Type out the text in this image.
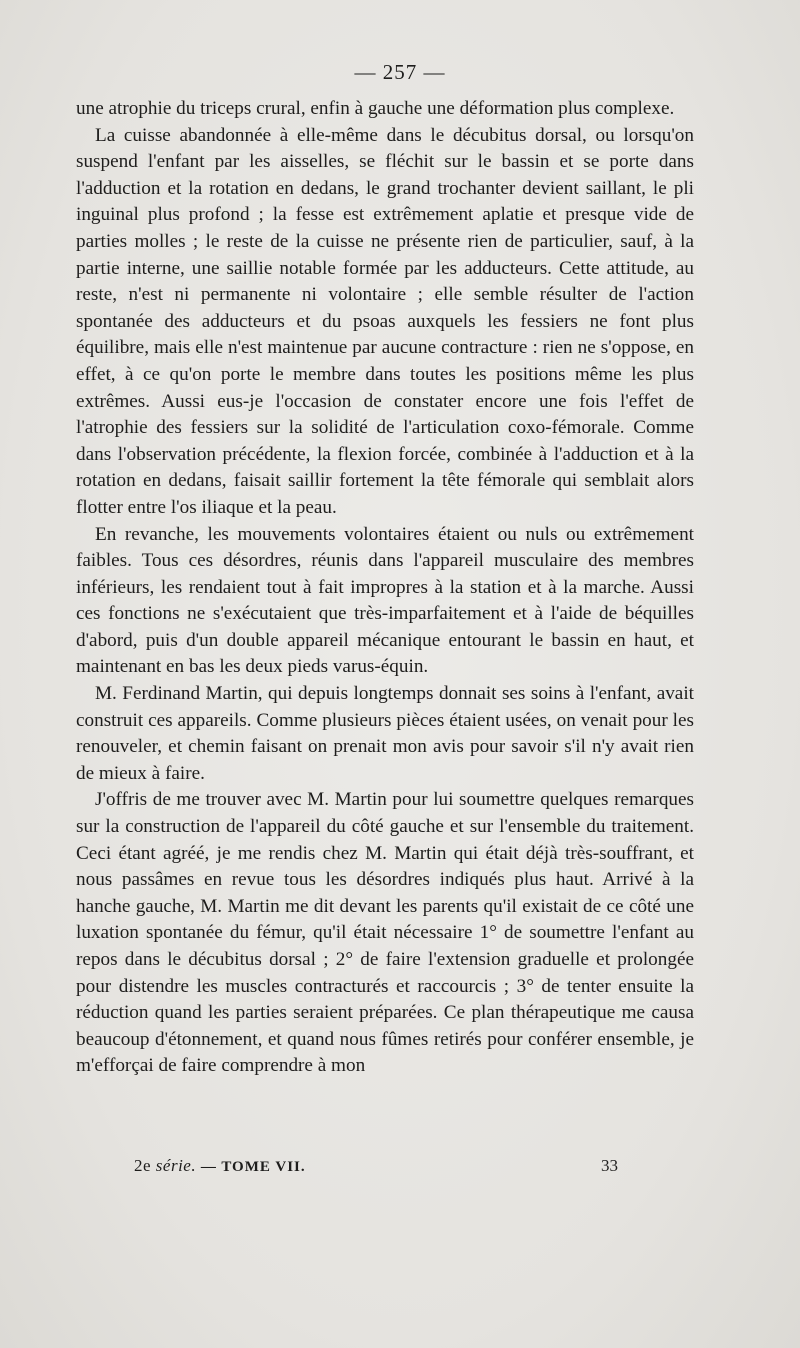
— 257 —

une atrophie du triceps crural, enfin à gauche une déformation plus complexe.

La cuisse abandonnée à elle-même dans le décubitus dorsal, ou lorsqu'on suspend l'enfant par les aisselles, se fléchit sur le bassin et se porte dans l'adduction et la rotation en dedans, le grand trochanter devient saillant, le pli inguinal plus profond ; la fesse est extrêmement aplatie et presque vide de parties molles ; le reste de la cuisse ne présente rien de particulier, sauf, à la partie interne, une saillie notable formée par les adducteurs. Cette attitude, au reste, n'est ni permanente ni volontaire ; elle semble résulter de l'action spontanée des adducteurs et du psoas auxquels les fessiers ne font plus équilibre, mais elle n'est maintenue par aucune contracture : rien ne s'oppose, en effet, à ce qu'on porte le membre dans toutes les positions même les plus extrêmes. Aussi eus-je l'occasion de constater encore une fois l'effet de l'atrophie des fessiers sur la solidité de l'articulation coxo-fémorale. Comme dans l'observation précédente, la flexion forcée, combinée à l'adduction et à la rotation en dedans, faisait saillir fortement la tête fémorale qui semblait alors flotter entre l'os iliaque et la peau.

En revanche, les mouvements volontaires étaient ou nuls ou extrêmement faibles. Tous ces désordres, réunis dans l'appareil musculaire des membres inférieurs, les rendaient tout à fait impropres à la station et à la marche. Aussi ces fonctions ne s'exécutaient que très-imparfaitement et à l'aide de béquilles d'abord, puis d'un double appareil mécanique entourant le bassin en haut, et maintenant en bas les deux pieds varus-équin.

M. Ferdinand Martin, qui depuis longtemps donnait ses soins à l'enfant, avait construit ces appareils. Comme plusieurs pièces étaient usées, on venait pour les renouveler, et chemin faisant on prenait mon avis pour savoir s'il n'y avait rien de mieux à faire.

J'offris de me trouver avec M. Martin pour lui soumettre quelques remarques sur la construction de l'appareil du côté gauche et sur l'ensemble du traitement. Ceci étant agréé, je me rendis chez M. Martin qui était déjà très-souffrant, et nous passâmes en revue tous les désordres indiqués plus haut. Arrivé à la hanche gauche, M. Martin me dit devant les parents qu'il existait de ce côté une luxation spontanée du fémur, qu'il était nécessaire 1° de soumettre l'enfant au repos dans le décubitus dorsal ; 2° de faire l'extension graduelle et prolongée pour distendre les muscles contracturés et raccourcis ; 3° de tenter ensuite la réduction quand les parties seraient préparées. Ce plan thérapeutique me causa beaucoup d'étonnement, et quand nous fûmes retirés pour conférer ensemble, je m'efforçai de faire comprendre à mon

2e série. — TOME VII.	33
